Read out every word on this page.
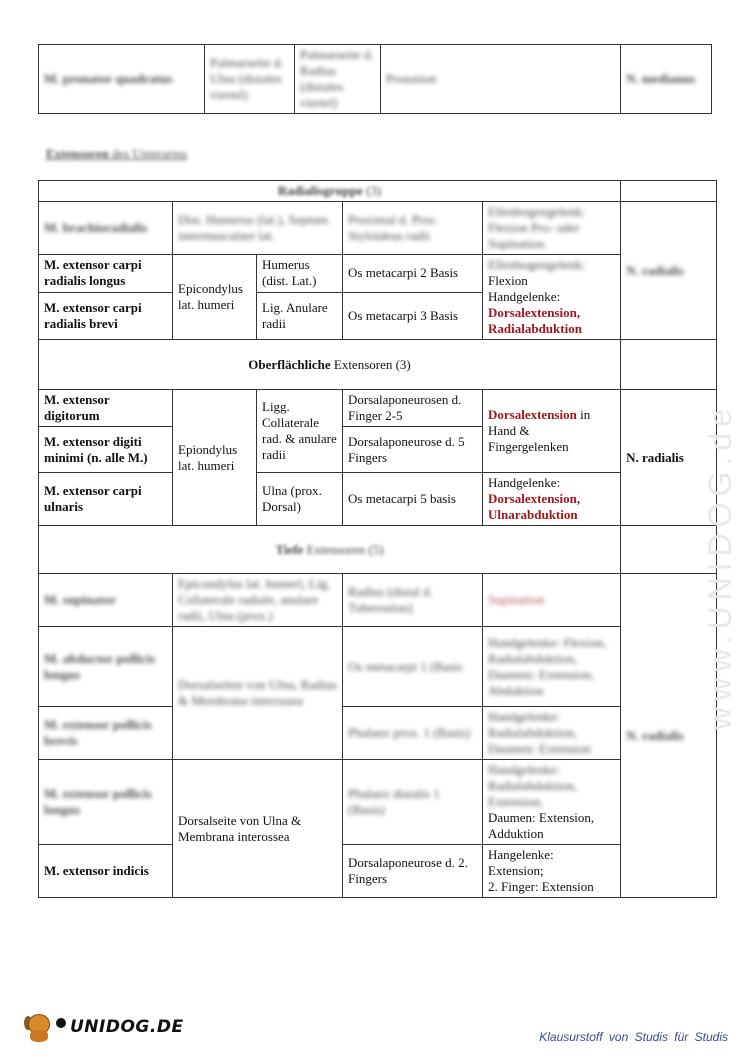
M. pronator quadratus	Palmarseite d. Ulna (distales viertel)	Palmarseite d. Radius (distales viertel)	Pronation	N. medianus
Extensoren des Unterarms
Radialisgruppe (3)					
M. brachioradialis	Dist. Humerus (lat.), Septum intermusculare lat.		Proximal d. Proc. Styloideus radii	Ellenbogengelenk: Flexion Pro- oder Supination	N. radialis
M. extensor carpi radialis longus	Epicondylus lat. humeri	Humerus (dist. Lat.)	Os metacarpi 2 Basis	Ellenbogengelenk:
Flexion
Handgelenke:
Dorsalextension,
Radialabduktion	
M. extensor carpi radialis brevi		Lig. Anulare radii	Os metacarpi 3 Basis		
Oberflächliche Extensoren (3)					
M. extensor digitorum	Epiondylus lat. humeri	Ligg. Collaterale rad. & anulare radii	Dorsalaponeurosen d. Finger 2-5	Dorsalextension in
Hand &
Fingergelenken	N. radialis
M. extensor digiti minimi (n. alle M.)			Dorsalaponeurose d. 5 Fingers		
M. extensor carpi ulnaris		Ulna (prox. Dorsal)	Os metacarpi 5 basis	Handgelenke:
Dorsalextension,
Ulnarabduktion	
Tiefe Extensoren (5)					
M. supinator	Epicondylus lat. humeri, Lig. Collaterale radiale, anulare radii, Ulna (prox.)		Radius (distal d. Tuberositas)	Supination	N. radialis
M. abductor pollicis longus	Dorsalseiten von Ulna, Radius & Membrana interossea		Os metacarpi 1 (Basis	Handgelenke: Flexion, Radialabduktion, Daumen: Extension, Abduktion	
M. extensor pollicis brevis			Phalanx prox. 1 (Basis)	Handgelenke: Radialabduktion, Daumen: Extension	
M. extensor pollicis longus	Dorsalseite von Ulna & Membrana interossea		Phalanx distalis 1 (Basis)	Handgelenke: Radialabduktion, Extension,
Daumen: Extension, Adduktion	
M. extensor indicis			Dorsalaponeurose d. 2. Fingers	Hangelenke:
Extension;
2. Finger: Extension	
www.UNIDOG.de
UNIDOG.DE	Klausurstoff von Studis für Studis
